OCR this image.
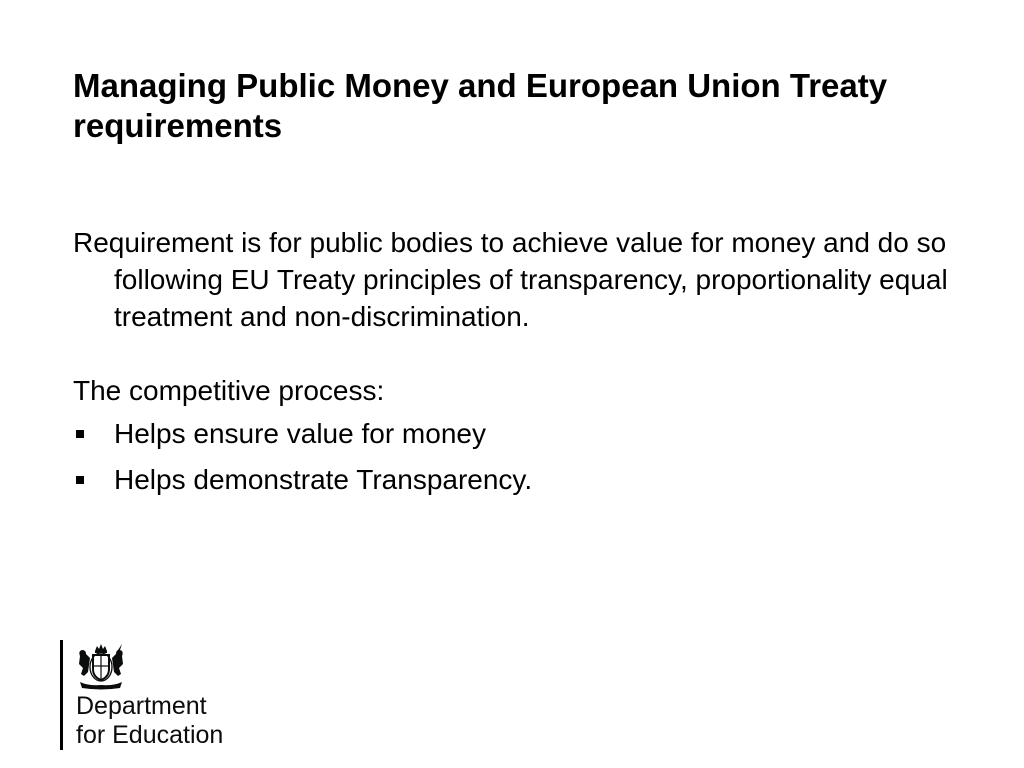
Managing Public Money and European Union Treaty requirements

Requirement is for public bodies to achieve value for money and do so following EU Treaty principles of transparency, proportionality equal treatment and non-discrimination.

The competitive process:

Helps ensure value for money
Helps demonstrate Transparency.
Department
for Education
